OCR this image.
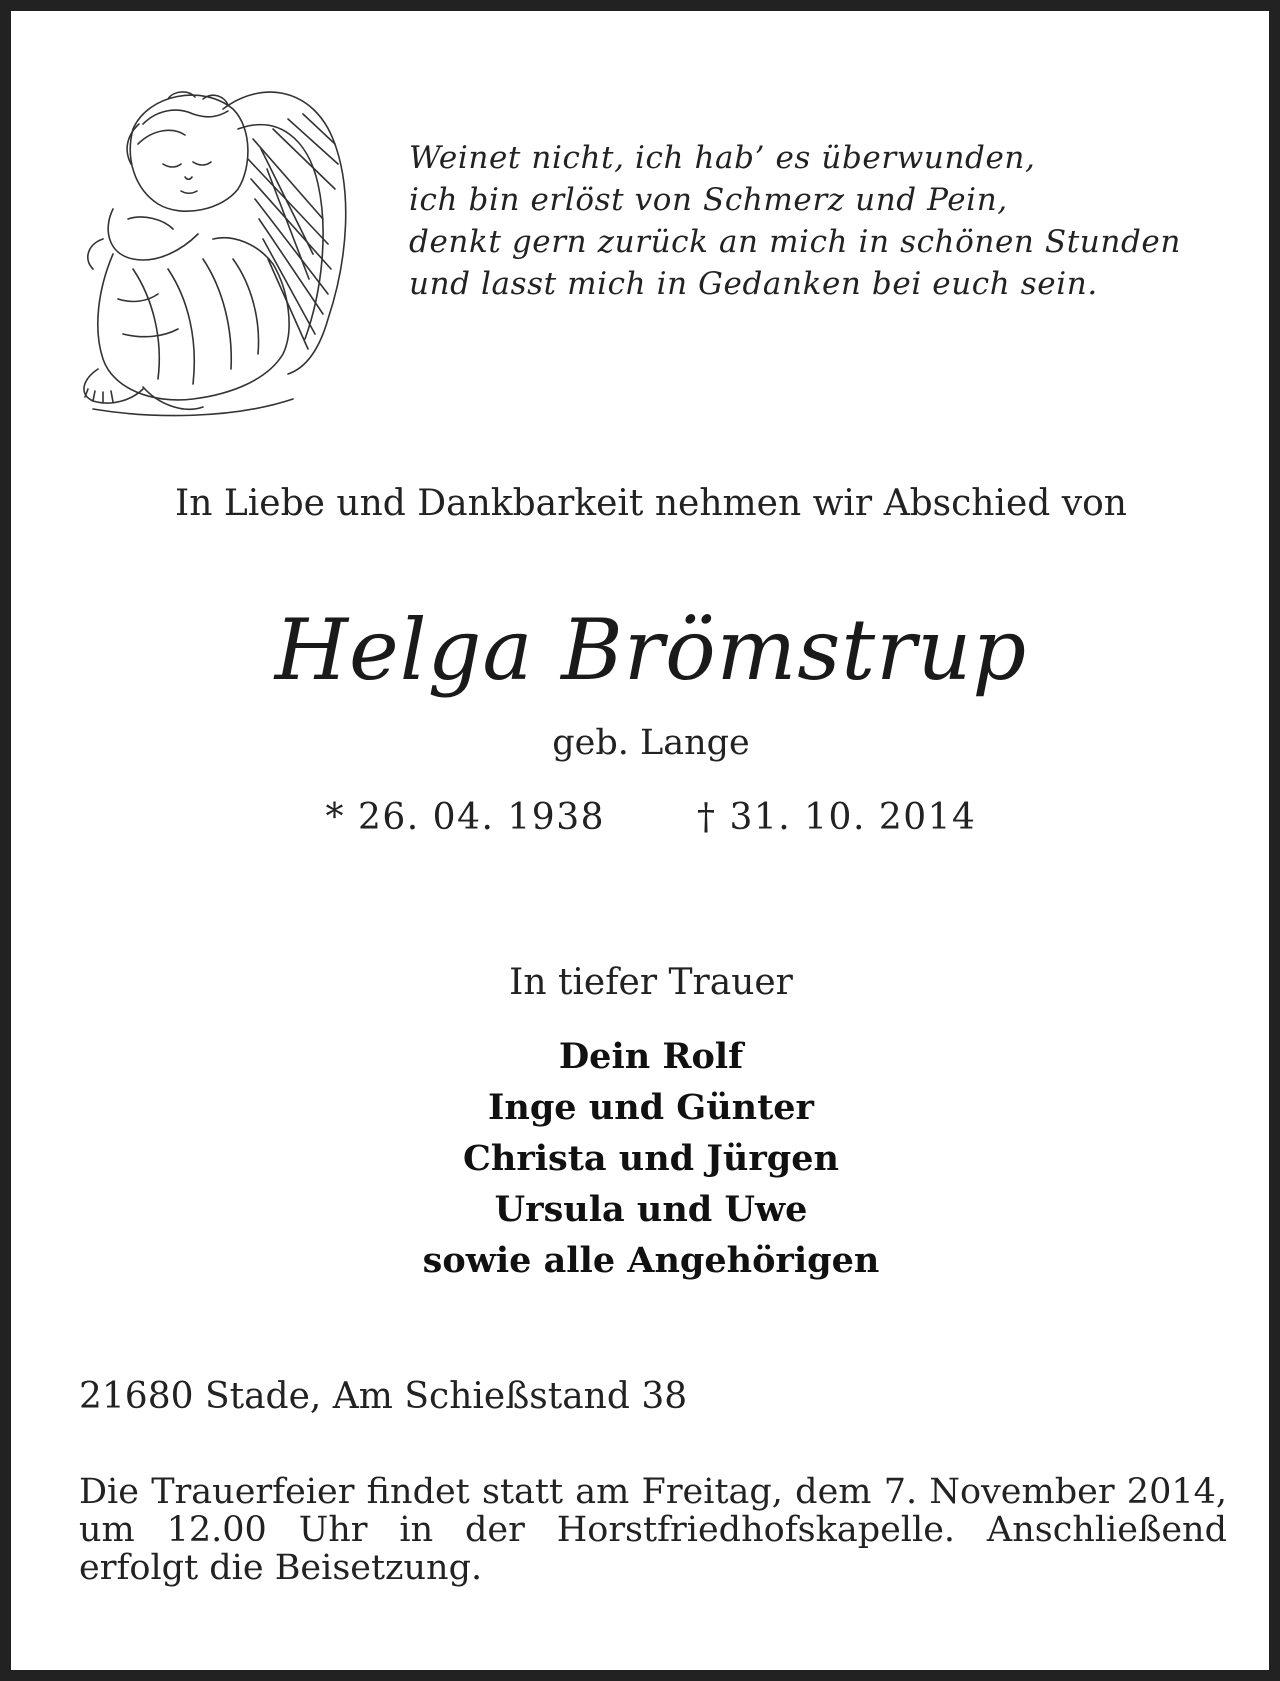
Weinet nicht, ich hab’ es überwunden,
ich bin erlöst von Schmerz und Pein,
denkt gern zurück an mich in schönen Stunden
und lasst mich in Gedanken bei euch sein.
In Liebe und Dankbarkeit nehmen wir Abschied von
Helga Brömstrup
geb. Lange
* 26. 04. 1938	† 31. 10. 2014
In tiefer Trauer
Dein Rolf
Inge und Günter
Christa und Jürgen
Ursula und Uwe
sowie alle Angehörigen
21680 Stade, Am Schießstand 38
Die Trauerfeier findet statt am Freitag, dem 7. November 2014, um 12.00 Uhr in der Horstfriedhofskapelle. Anschließend erfolgt die Beisetzung.
